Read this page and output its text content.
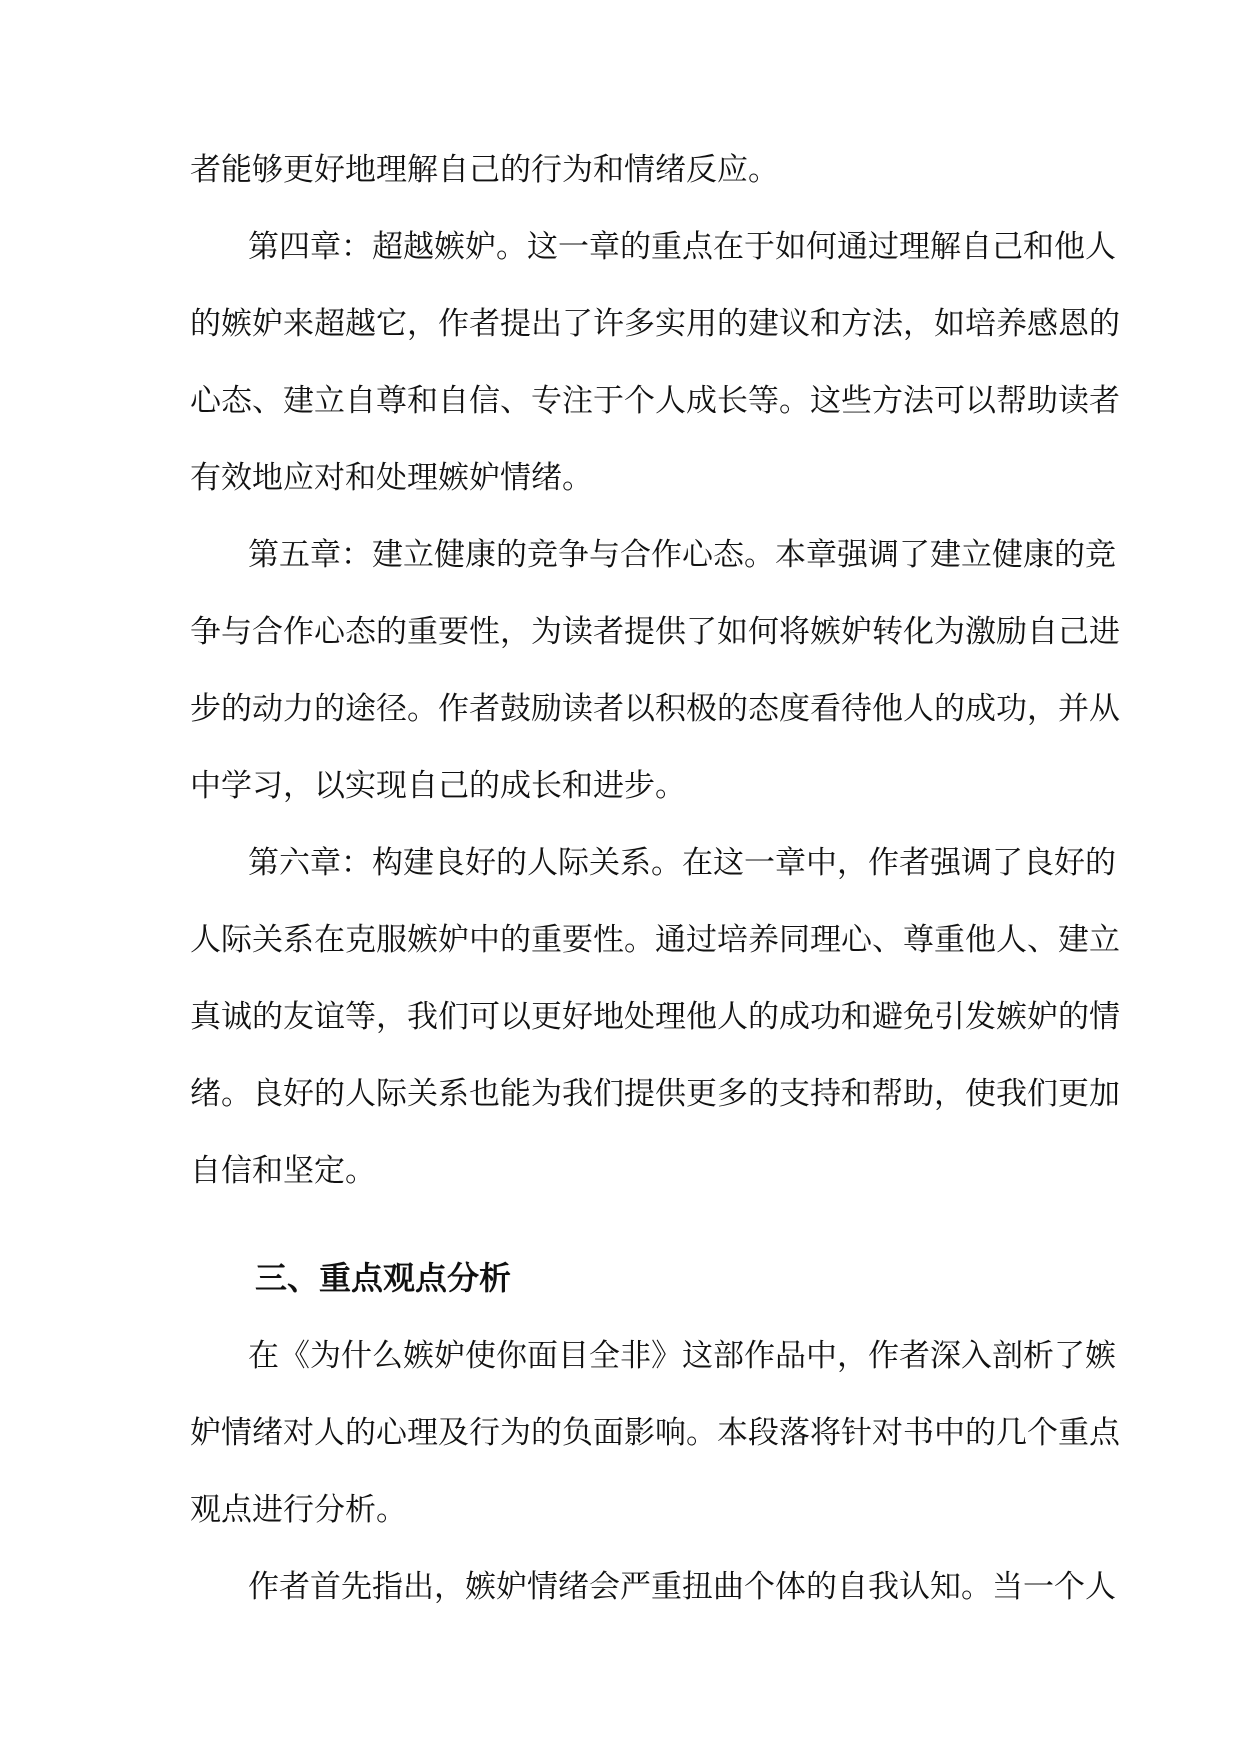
者能够更好地理解自己的行为和情绪反应。
第四章：超越嫉妒。这一章的重点在于如何通过理解自己和他人
的嫉妒来超越它，作者提出了许多实用的建议和方法，如培养感恩的
心态、建立自尊和自信、专注于个人成长等。这些方法可以帮助读者
有效地应对和处理嫉妒情绪。
第五章：建立健康的竞争与合作心态。本章强调了建立健康的竞
争与合作心态的重要性，为读者提供了如何将嫉妒转化为激励自己进
步的动力的途径。作者鼓励读者以积极的态度看待他人的成功，并从
中学习，以实现自己的成长和进步。
第六章：构建良好的人际关系。在这一章中，作者强调了良好的
人际关系在克服嫉妒中的重要性。通过培养同理心、尊重他人、建立
真诚的友谊等，我们可以更好地处理他人的成功和避免引发嫉妒的情
绪。良好的人际关系也能为我们提供更多的支持和帮助，使我们更加
自信和坚定。
三、重点观点分析
在《为什么嫉妒使你面目全非》这部作品中，作者深入剖析了嫉
妒情绪对人的心理及行为的负面影响。本段落将针对书中的几个重点
观点进行分析。
作者首先指出，嫉妒情绪会严重扭曲个体的自我认知。当一个人
